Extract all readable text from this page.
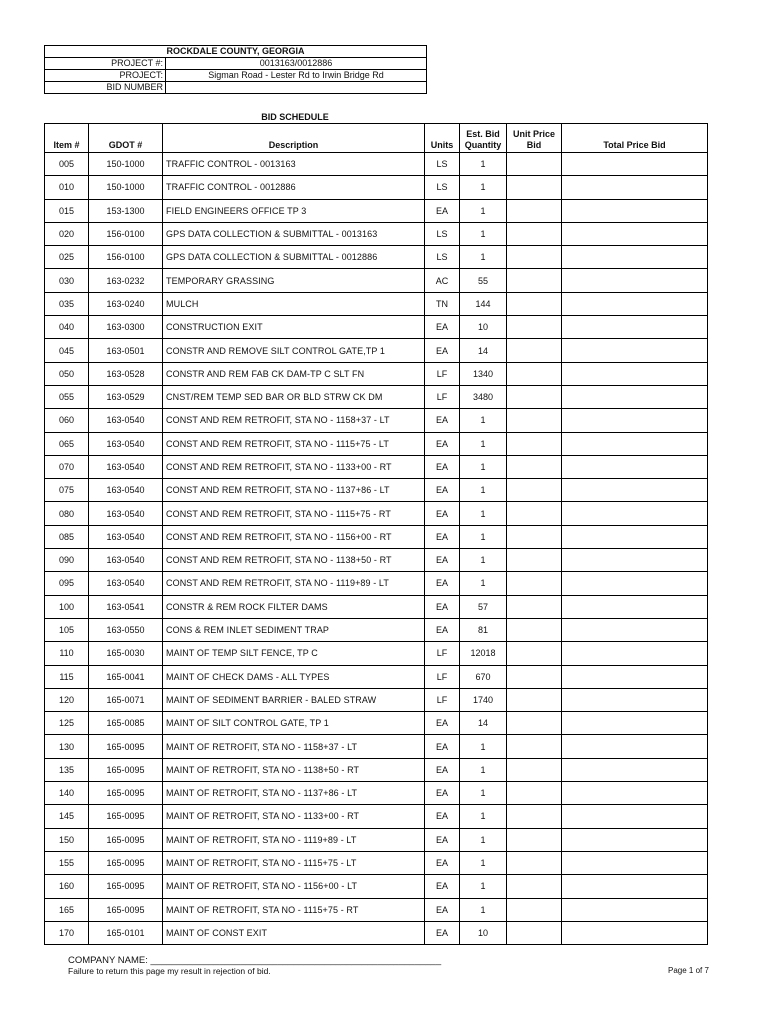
ROCKDALE COUNTY, GEORGIA	
PROJECT #:	0013163/0012886
PROJECT:	Sigman Road - Lester Rd to Irwin Bridge Rd
BID NUMBER	
BID SCHEDULE
Item #	GDOT #	Description	Units	Est. Bid Quantity	Unit Price Bid	Total Price Bid
005	150-1000	TRAFFIC CONTROL - 0013163	LS	1		
010	150-1000	TRAFFIC CONTROL - 0012886	LS	1		
015	153-1300	FIELD ENGINEERS OFFICE TP 3	EA	1		
020	156-0100	GPS DATA COLLECTION & SUBMITTAL - 0013163	LS	1		
025	156-0100	GPS DATA COLLECTION & SUBMITTAL - 0012886	LS	1		
030	163-0232	TEMPORARY GRASSING	AC	55		
035	163-0240	MULCH	TN	144		
040	163-0300	CONSTRUCTION EXIT	EA	10		
045	163-0501	CONSTR AND REMOVE SILT CONTROL GATE,TP 1	EA	14		
050	163-0528	CONSTR AND REM FAB CK DAM-TP C SLT FN	LF	1340		
055	163-0529	CNST/REM TEMP SED BAR OR BLD STRW CK DM	LF	3480		
060	163-0540	CONST AND REM RETROFIT, STA NO - 1158+37 - LT	EA	1		
065	163-0540	CONST AND REM RETROFIT, STA NO - 1115+75 - LT	EA	1		
070	163-0540	CONST AND REM RETROFIT, STA NO - 1133+00 - RT	EA	1		
075	163-0540	CONST AND REM RETROFIT, STA NO - 1137+86 - LT	EA	1		
080	163-0540	CONST AND REM RETROFIT, STA NO - 1115+75 - RT	EA	1		
085	163-0540	CONST AND REM RETROFIT, STA NO - 1156+00 - RT	EA	1		
090	163-0540	CONST AND REM RETROFIT, STA NO - 1138+50 - RT	EA	1		
095	163-0540	CONST AND REM RETROFIT, STA NO - 1119+89 - LT	EA	1		
100	163-0541	CONSTR & REM ROCK FILTER DAMS	EA	57		
105	163-0550	CONS & REM INLET SEDIMENT TRAP	EA	81		
110	165-0030	MAINT OF TEMP SILT FENCE, TP C	LF	12018		
115	165-0041	MAINT OF CHECK DAMS - ALL TYPES	LF	670		
120	165-0071	MAINT OF SEDIMENT BARRIER - BALED STRAW	LF	1740		
125	165-0085	MAINT OF SILT CONTROL GATE, TP 1	EA	14		
130	165-0095	MAINT OF RETROFIT, STA NO - 1158+37 - LT	EA	1		
135	165-0095	MAINT OF RETROFIT, STA NO - 1138+50 - RT	EA	1		
140	165-0095	MAINT OF RETROFIT, STA NO - 1137+86 - LT	EA	1		
145	165-0095	MAINT OF RETROFIT, STA NO - 1133+00 - RT	EA	1		
150	165-0095	MAINT OF RETROFIT, STA NO - 1119+89 - LT	EA	1		
155	165-0095	MAINT OF RETROFIT, STA NO - 1115+75 - LT	EA	1		
160	165-0095	MAINT OF RETROFIT, STA NO - 1156+00 - LT	EA	1		
165	165-0095	MAINT OF RETROFIT, STA NO - 1115+75 - RT	EA	1		
170	165-0101	MAINT OF CONST EXIT	EA	10		
COMPANY NAME: _______________________________________________________
Failure to return this page my result in rejection of bid.	Page 1 of 7
